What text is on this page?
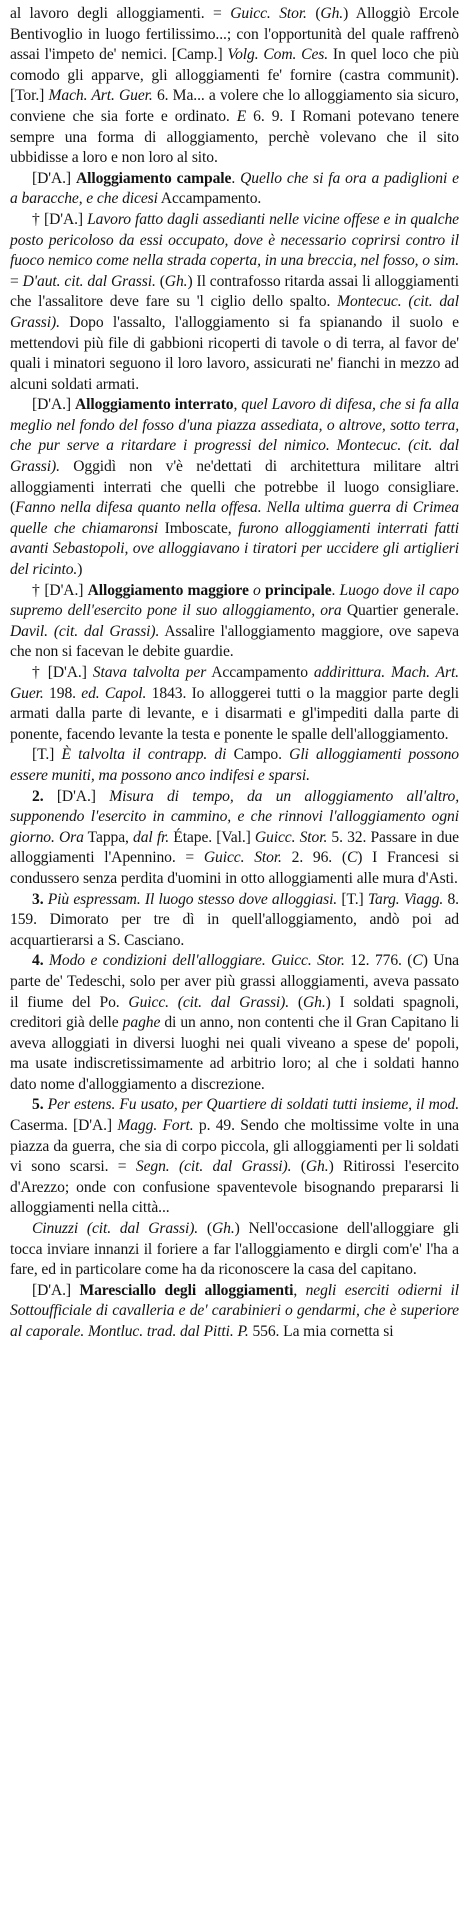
al lavoro degli alloggiamenti. = Guicc. Stor. (Gh.) Alloggiò Ercole Bentivoglio in luogo fertilissimo...; con l'opportunità del quale raffrenò assai l'impeto de' nemici. [Camp.] Volg. Com. Ces. In quel loco che più comodo gli apparve, gli alloggiamenti fe' fornire (castra communit). [Tor.] Mach. Art. Guer. 6. Ma... a volere che lo alloggiamento sia sicuro, conviene che sia forte e ordinato. E 6. 9. I Romani potevano tenere sempre una forma di alloggiamento, perchè volevano che il sito ubbidisse a loro e non loro al sito.

[D'A.] Alloggiamento campale. Quello che si fa ora a padiglioni e a baracche, e che dicesi Accampamento.

† [D'A.] Lavoro fatto dagli assedianti nelle vicine offese e in qualche posto pericoloso da essi occupato, dove è necessario coprirsi contro il fuoco nemico come nella strada coperta, in una breccia, nel fosso, o sim. = D'aut. cit. dal Grassi. (Gh.) Il contrafosso ritarda assai li alloggiamenti che l'assalitore deve fare su 'l ciglio dello spalto. Montecuc. (cit. dal Grassi). Dopo l'assalto, l'alloggiamento si fa spianando il suolo e mettendovi più file di gabbioni ricoperti di tavole o di terra, al favor de' quali i minatori seguono il loro lavoro, assicurati ne' fianchi in mezzo ad alcuni soldati armati.

[D'A.] Alloggiamento interrato, quel Lavoro di difesa, che si fa alla meglio nel fondo del fosso d'una piazza assediata, o altrove, sotto terra, che pur serve a ritardare i progressi del nimico. Montecuc. (cit. dal Grassi). Oggidì non v'è ne'dettati di architettura militare altri alloggiamenti interrati che quelli che potrebbe il luogo consigliare. (Fanno nella difesa quanto nella offesa. Nella ultima guerra di Crimea quelle che chiamaronsi Imboscate, furono alloggiamenti interrati fatti avanti Sebastopoli, ove alloggiavano i tiratori per uccidere gli artiglieri del ricinto.)

† [D'A.] Alloggiamento maggiore o principale. Luogo dove il capo supremo dell'esercito pone il suo alloggiamento, ora Quartier generale. Davil. (cit. dal Grassi). Assalire l'alloggiamento maggiore, ove sapeva che non si facevan le debite guardie.

† [D'A.] Stava talvolta per Accampamento addirittura. Mach. Art. Guer. 198. ed. Capol. 1843. Io alloggerei tutti o la maggior parte degli armati dalla parte di levante, e i disarmati e gl'impediti dalla parte di ponente, facendo levante la testa e ponente le spalle dell'alloggiamento.

[T.] È talvolta il contrapp. di Campo. Gli alloggiamenti possono essere muniti, ma possono anco indifesi e sparsi.

2. [D'A.] Misura di tempo, da un alloggiamento all'altro, supponendo l'esercito in cammino, e che rinnovi l'alloggiamento ogni giorno. Ora Tappa, dal fr. Étape. [Val.] Guicc. Stor. 5. 32. Passare in due alloggiamenti l'Apennino. = Guicc. Stor. 2. 96. (C) I Francesi si condussero senza perdita d'uomini in otto alloggiamenti alle mura d'Asti.

3. Più espressam. Il luogo stesso dove alloggiasi. [T.] Targ. Viagg. 8. 159. Dimorato per tre dì in quell'alloggiamento, andò poi ad acquartierarsi a S. Casciano.

4. Modo e condizioni dell'alloggiare. Guicc. Stor. 12. 776. (C) Una parte de' Tedeschi, solo per aver più grassi alloggiamenti, aveva passato il fiume del Po. Guicc. (cit. dal Grassi). (Gh.) I soldati spagnoli, creditori già delle paghe di un anno, non contenti che il Gran Capitano li aveva alloggiati in diversi luoghi nei quali viveano a spese de' popoli, ma usate indiscretissimamente ad arbitrio loro; al che i soldati hanno dato nome d'alloggiamento a discrezione.

5. Per estens. Fu usato, per Quartiere di soldati tutti insieme, il mod. Caserma. [D'A.] Magg. Fort. p. 49. Sendo che moltissime volte in una piazza da guerra, che sia di corpo piccola, gli alloggiamenti per li soldati vi sono scarsi. = Segn. (cit. dal Grassi). (Gh.) Ritirossi l'esercito d'Arezzo; onde con confusione spaventevole bisognando prepararsi li alloggiamenti nella città...

Cinuzzi (cit. dal Grassi). (Gh.) Nell'occasione dell'alloggiare gli tocca inviare innanzi il foriere a far l'alloggiamento e dirgli com'e' l'ha a fare, ed in particolare come ha da riconoscere la casa del capitano.

[D'A.] Maresciallo degli alloggiamenti, negli eserciti odierni il Sottoufficiale di cavalleria e de' carabinieri o gendarmi, che è superiore al caporale. Montluc. trad. dal Pitti. P. 556. La mia cornetta si
